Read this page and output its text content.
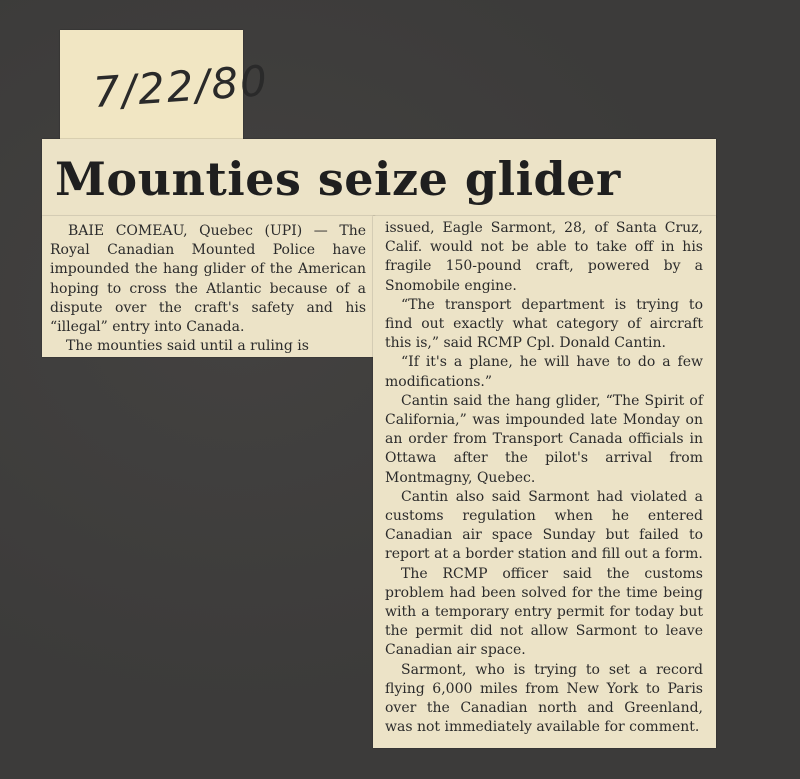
7/22/80
Mounties seize glider

BAIE COMEAU, Quebec (UPI) — The Royal Canadian Mounted Police have impounded the hang glider of the American hoping to cross the Atlantic because of a dispute over the craft's safety and his “illegal” entry into Canada.

The mounties said until a ruling is

issued, Eagle Sarmont, 28, of Santa Cruz, Calif. would not be able to take off in his fragile 150-pound craft, powered by a Snomobile engine.

“The transport department is trying to find out exactly what category of aircraft this is,” said RCMP Cpl. Donald Cantin.

“If it's a plane, he will have to do a few modifications.”

Cantin said the hang glider, “The Spirit of California,” was impounded late Monday on an order from Transport Canada officials in Ottawa after the pilot's arrival from Montmagny, Quebec.

Cantin also said Sarmont had violated a customs regulation when he entered Canadian air space Sunday but failed to report at a border station and fill out a form.

The RCMP officer said the customs problem had been solved for the time being with a temporary entry permit for today but the permit did not allow Sarmont to leave Canadian air space.

Sarmont, who is trying to set a record flying 6,000 miles from New York to Paris over the Canadian north and Greenland, was not immediately available for comment.
